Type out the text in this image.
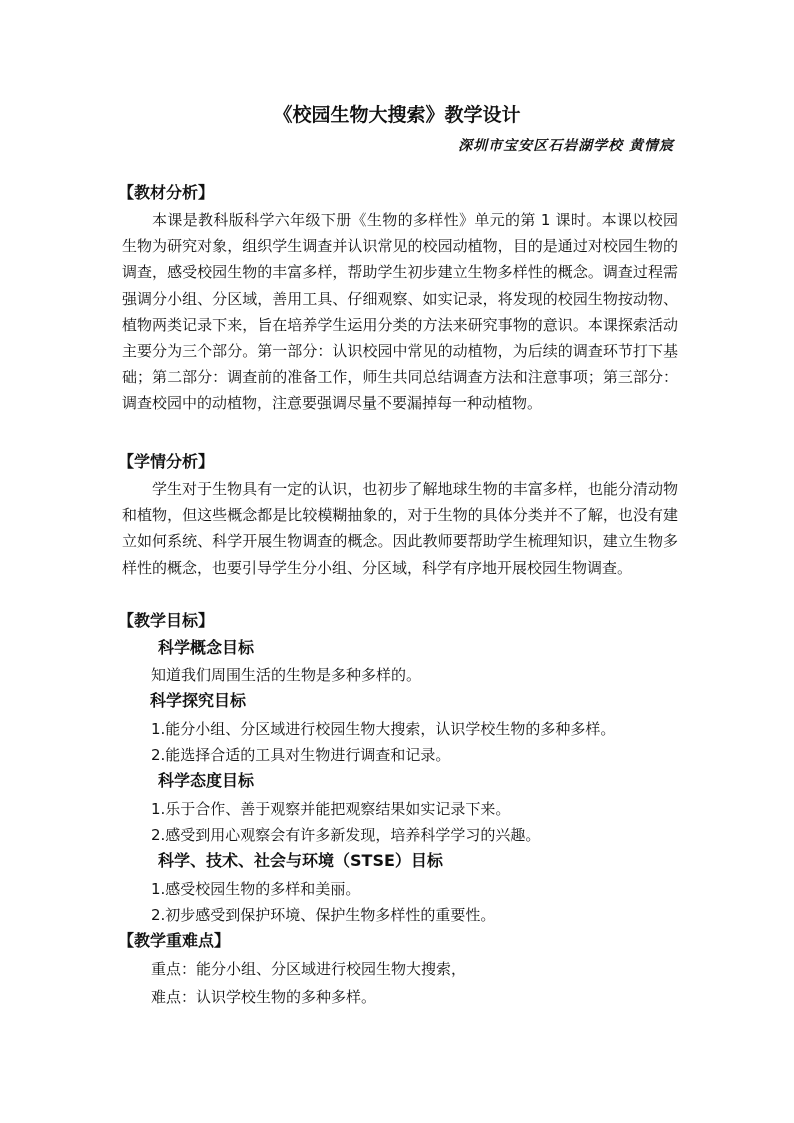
《校园生物大搜索》教学设计
深圳市宝安区石岩湖学校 黄情宸
【教材分析】

本课是教科版科学六年级下册《生物的多样性》单元的第 1 课时。本课以校园生物为研究对象，组织学生调查并认识常见的校园动植物，目的是通过对校园生物的调查，感受校园生物的丰富多样，帮助学生初步建立生物多样性的概念。调查过程需强调分小组、分区域，善用工具、仔细观察、如实记录，将发现的校园生物按动物、植物两类记录下来，旨在培养学生运用分类的方法来研究事物的意识。本课探索活动主要分为三个部分。第一部分：认识校园中常见的动植物，为后续的调查环节打下基础；第二部分：调查前的准备工作，师生共同总结调查方法和注意事项；第三部分：调查校园中的动植物，注意要强调尽量不要漏掉每一种动植物。

【学情分析】

学生对于生物具有一定的认识，也初步了解地球生物的丰富多样，也能分清动物和植物，但这些概念都是比较模糊抽象的，对于生物的具体分类并不了解，也没有建立如何系统、科学开展生物调查的概念。因此教师要帮助学生梳理知识，建立生物多样性的概念，也要引导学生分小组、分区域，科学有序地开展校园生物调查。

【教学目标】
科学概念目标
知道我们周围生活的生物是多种多样的。
科学探究目标
1.能分小组、分区域进行校园生物大搜索，认识学校生物的多种多样。
2.能选择合适的工具对生物进行调查和记录。
科学态度目标
1.乐于合作、善于观察并能把观察结果如实记录下来。
2.感受到用心观察会有许多新发现，培养科学学习的兴趣。
科学、技术、社会与环境（STSE）目标
1.感受校园生物的多样和美丽。
2.初步感受到保护环境、保护生物多样性的重要性。
【教学重难点】
重点：能分小组、分区域进行校园生物大搜索，
难点：认识学校生物的多种多样。
